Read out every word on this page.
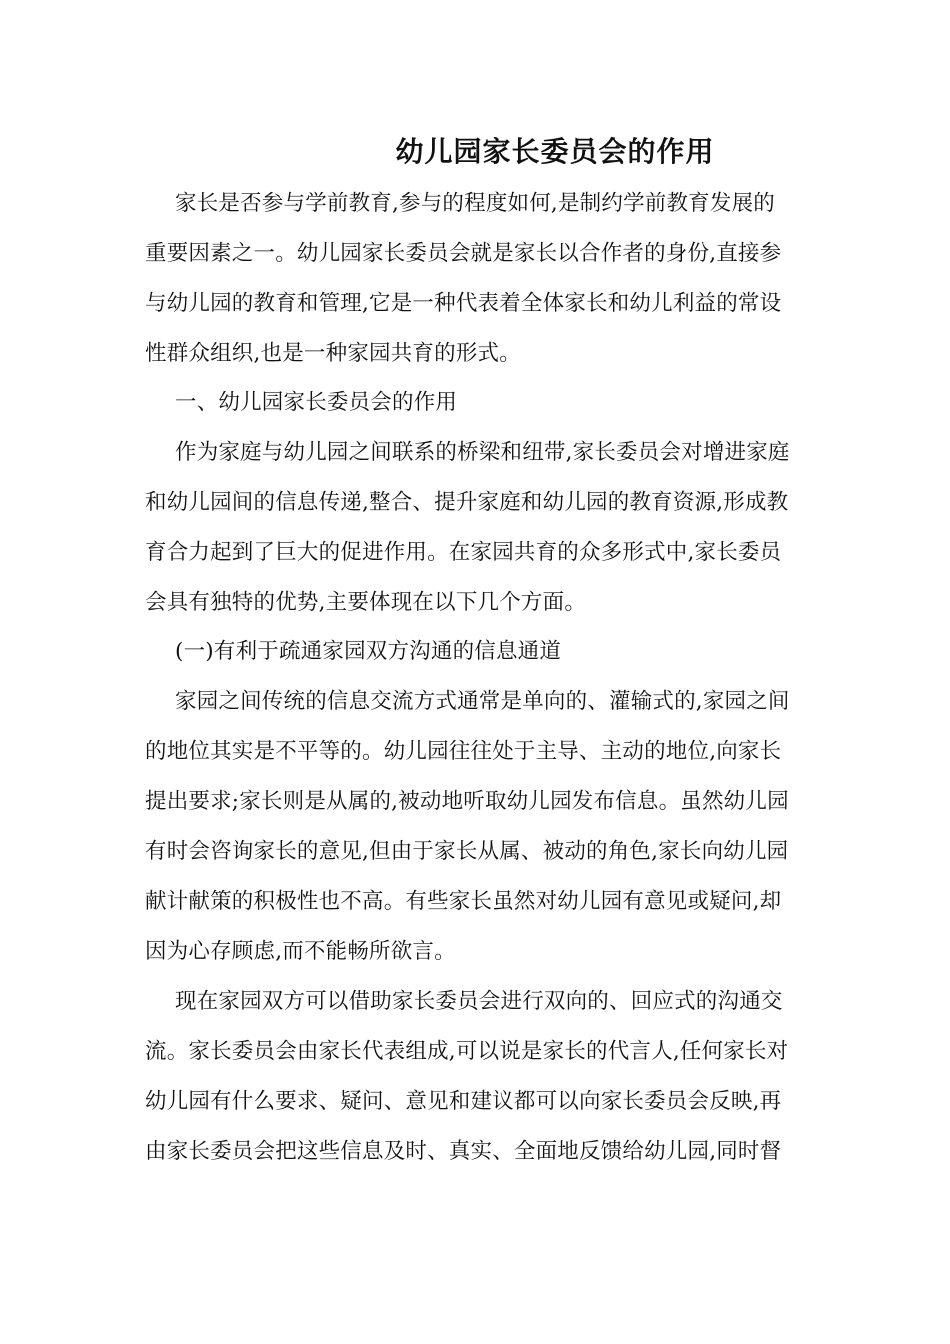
幼儿园家长委员会的作用

家长是否参与学前教育,参与的程度如何,是制约学前教育发展的

重要因素之一。幼儿园家长委员会就是家长以合作者的身份,直接参

与幼儿园的教育和管理,它是一种代表着全体家长和幼儿利益的常设

性群众组织,也是一种家园共育的形式。

一、幼儿园家长委员会的作用

作为家庭与幼儿园之间联系的桥梁和纽带,家长委员会对增进家庭

和幼儿园间的信息传递,整合、提升家庭和幼儿园的教育资源,形成教

育合力起到了巨大的促进作用。在家园共育的众多形式中,家长委员

会具有独特的优势,主要体现在以下几个方面。

(一)有利于疏通家园双方沟通的信息通道

家园之间传统的信息交流方式通常是单向的、灌输式的,家园之间

的地位其实是不平等的。幼儿园往往处于主导、主动的地位,向家长

提出要求;家长则是从属的,被动地听取幼儿园发布信息。虽然幼儿园

有时会咨询家长的意见,但由于家长从属、被动的角色,家长向幼儿园

献计献策的积极性也不高。有些家长虽然对幼儿园有意见或疑问,却

因为心存顾虑,而不能畅所欲言。

现在家园双方可以借助家长委员会进行双向的、回应式的沟通交

流。家长委员会由家长代表组成,可以说是家长的代言人,任何家长对

幼儿园有什么要求、疑问、意见和建议都可以向家长委员会反映,再

由家长委员会把这些信息及时、真实、全面地反馈给幼儿园,同时督
